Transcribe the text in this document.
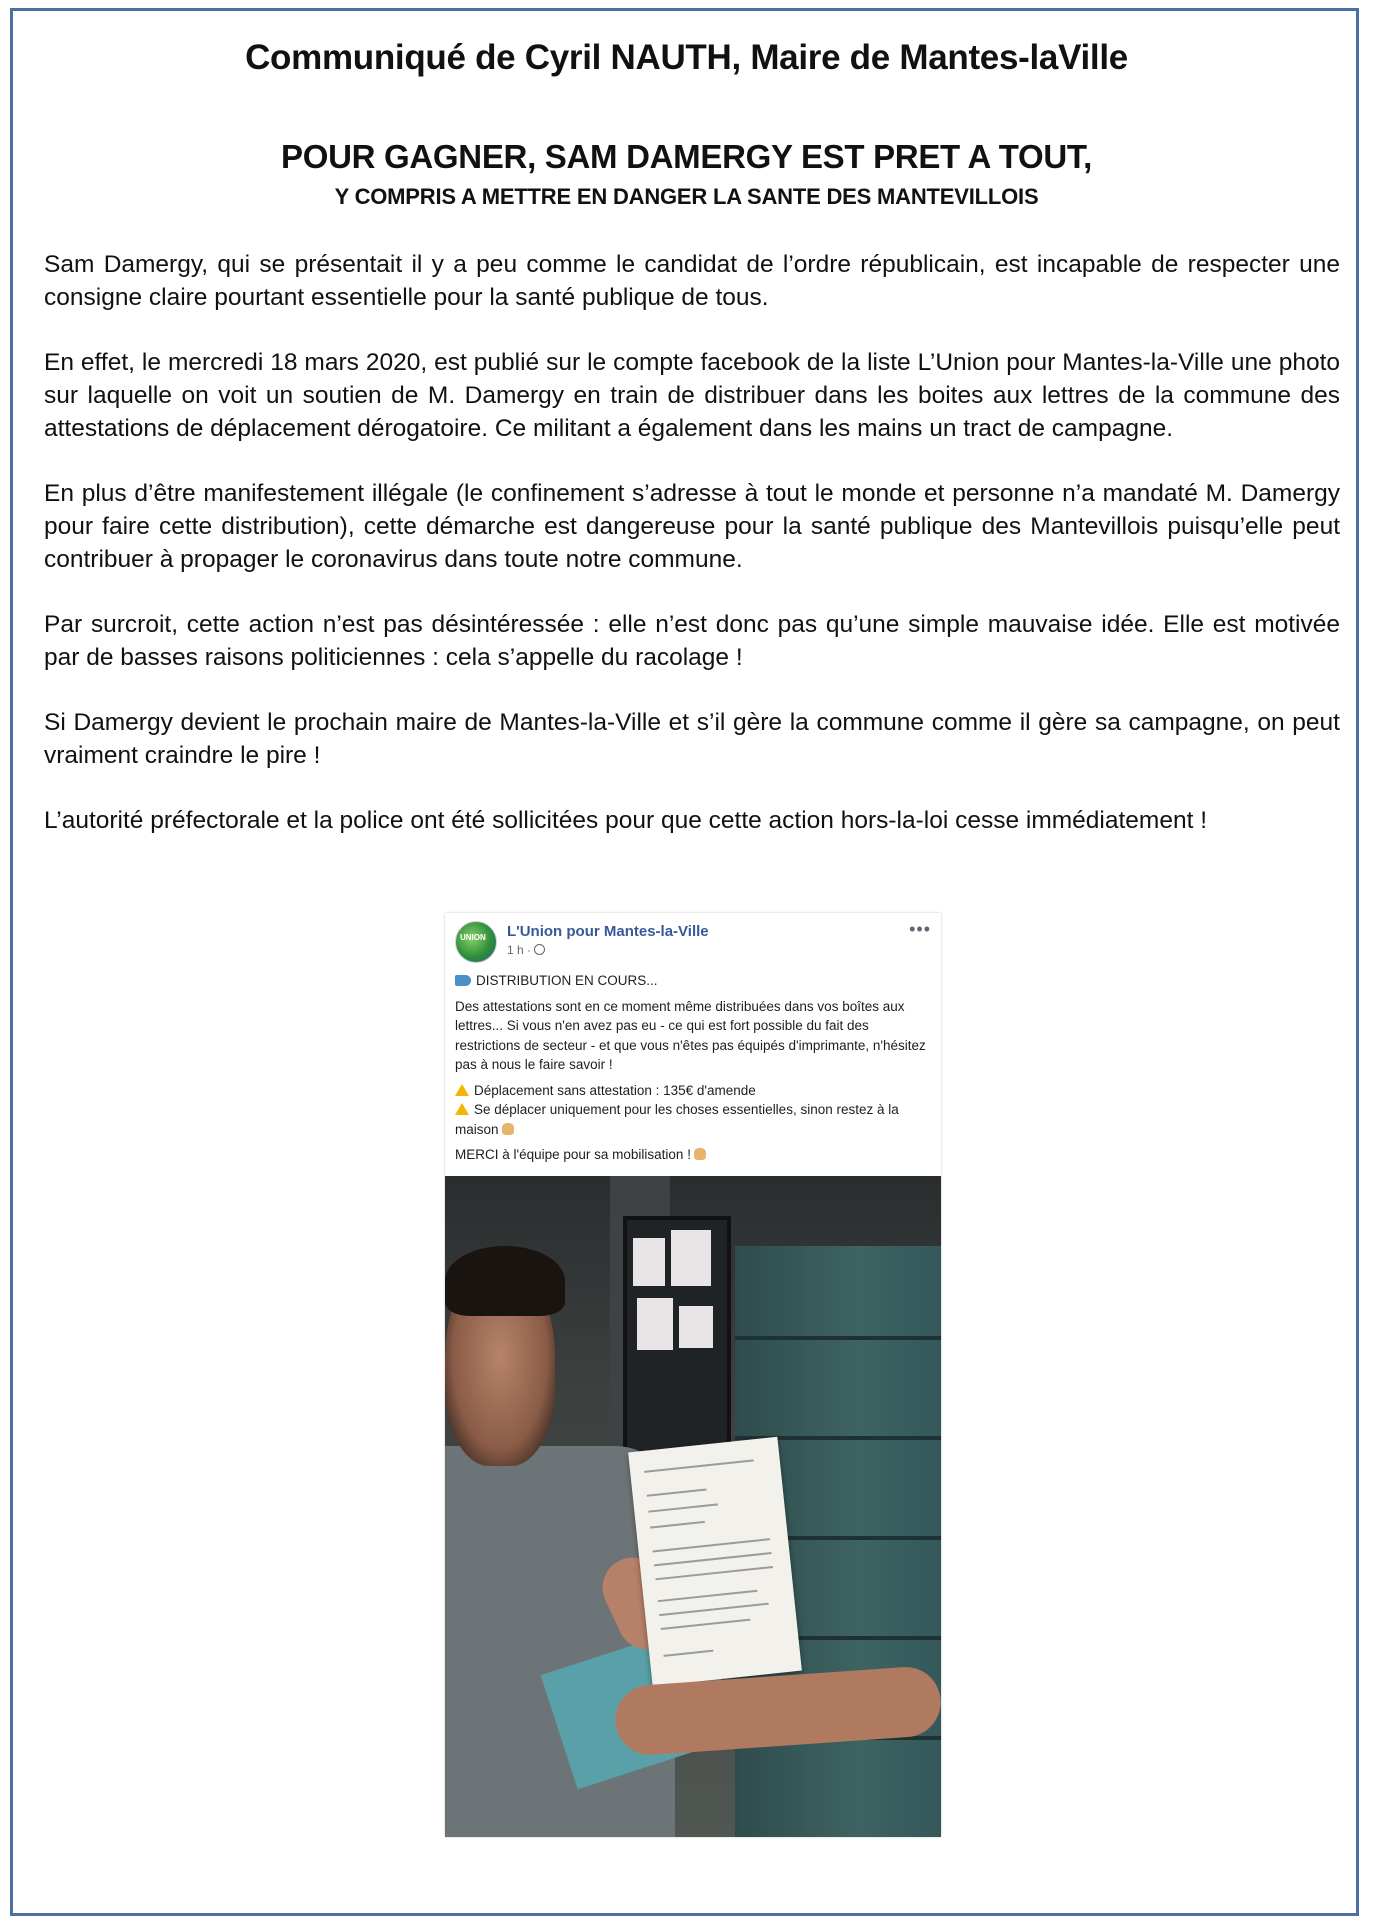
Communiqué de Cyril NAUTH, Maire de Mantes-laVille
POUR GAGNER, SAM DAMERGY EST PRET A TOUT,
Y COMPRIS A METTRE EN DANGER LA SANTE DES MANTEVILLOIS

Sam Damergy, qui se présentait il y a peu comme le candidat de l’ordre républicain, est incapable de respecter une consigne claire pourtant essentielle pour la santé publique de tous.

En effet, le mercredi 18 mars 2020, est publié sur le compte facebook de la liste L’Union pour Mantes-la-Ville une photo sur laquelle on voit un soutien de M. Damergy en train de distribuer dans les boites aux lettres de la commune des attestations de déplacement dérogatoire. Ce militant a également dans les mains un tract de campagne.

En plus d’être manifestement illégale (le confinement s’adresse à tout le monde et personne n’a mandaté M. Damergy pour faire cette distribution), cette démarche est dangereuse pour la santé publique des Mantevillois puisqu’elle peut contribuer à propager le coronavirus dans toute notre commune.

Par surcroit, cette action n’est pas désintéressée : elle n’est donc pas qu’une simple mauvaise idée. Elle est motivée par de basses raisons politiciennes : cela s’appelle du racolage !

Si Damergy devient le prochain maire de Mantes-la-Ville et s’il gère la commune comme il gère sa campagne, on peut vraiment craindre le pire !

L’autorité préfectorale et la police ont été sollicitées pour que cette action hors-la-loi cesse immédiatement !

UNION L'Union pour Mantes-la-Ville
1 h ·
•••
DISTRIBUTION EN COURS...
Des attestations sont en ce moment même distribuées dans vos boîtes aux lettres... Si vous n'en avez pas eu - ce qui est fort possible du fait des restrictions de secteur - et que vous n'êtes pas équipés d'imprimante, n'hésitez pas à nous le faire savoir !
Déplacement sans attestation : 135€ d'amende
Se déplacer uniquement pour les choses essentielles, sinon restez à la maison
MERCI à l'équipe pour sa mobilisation !
